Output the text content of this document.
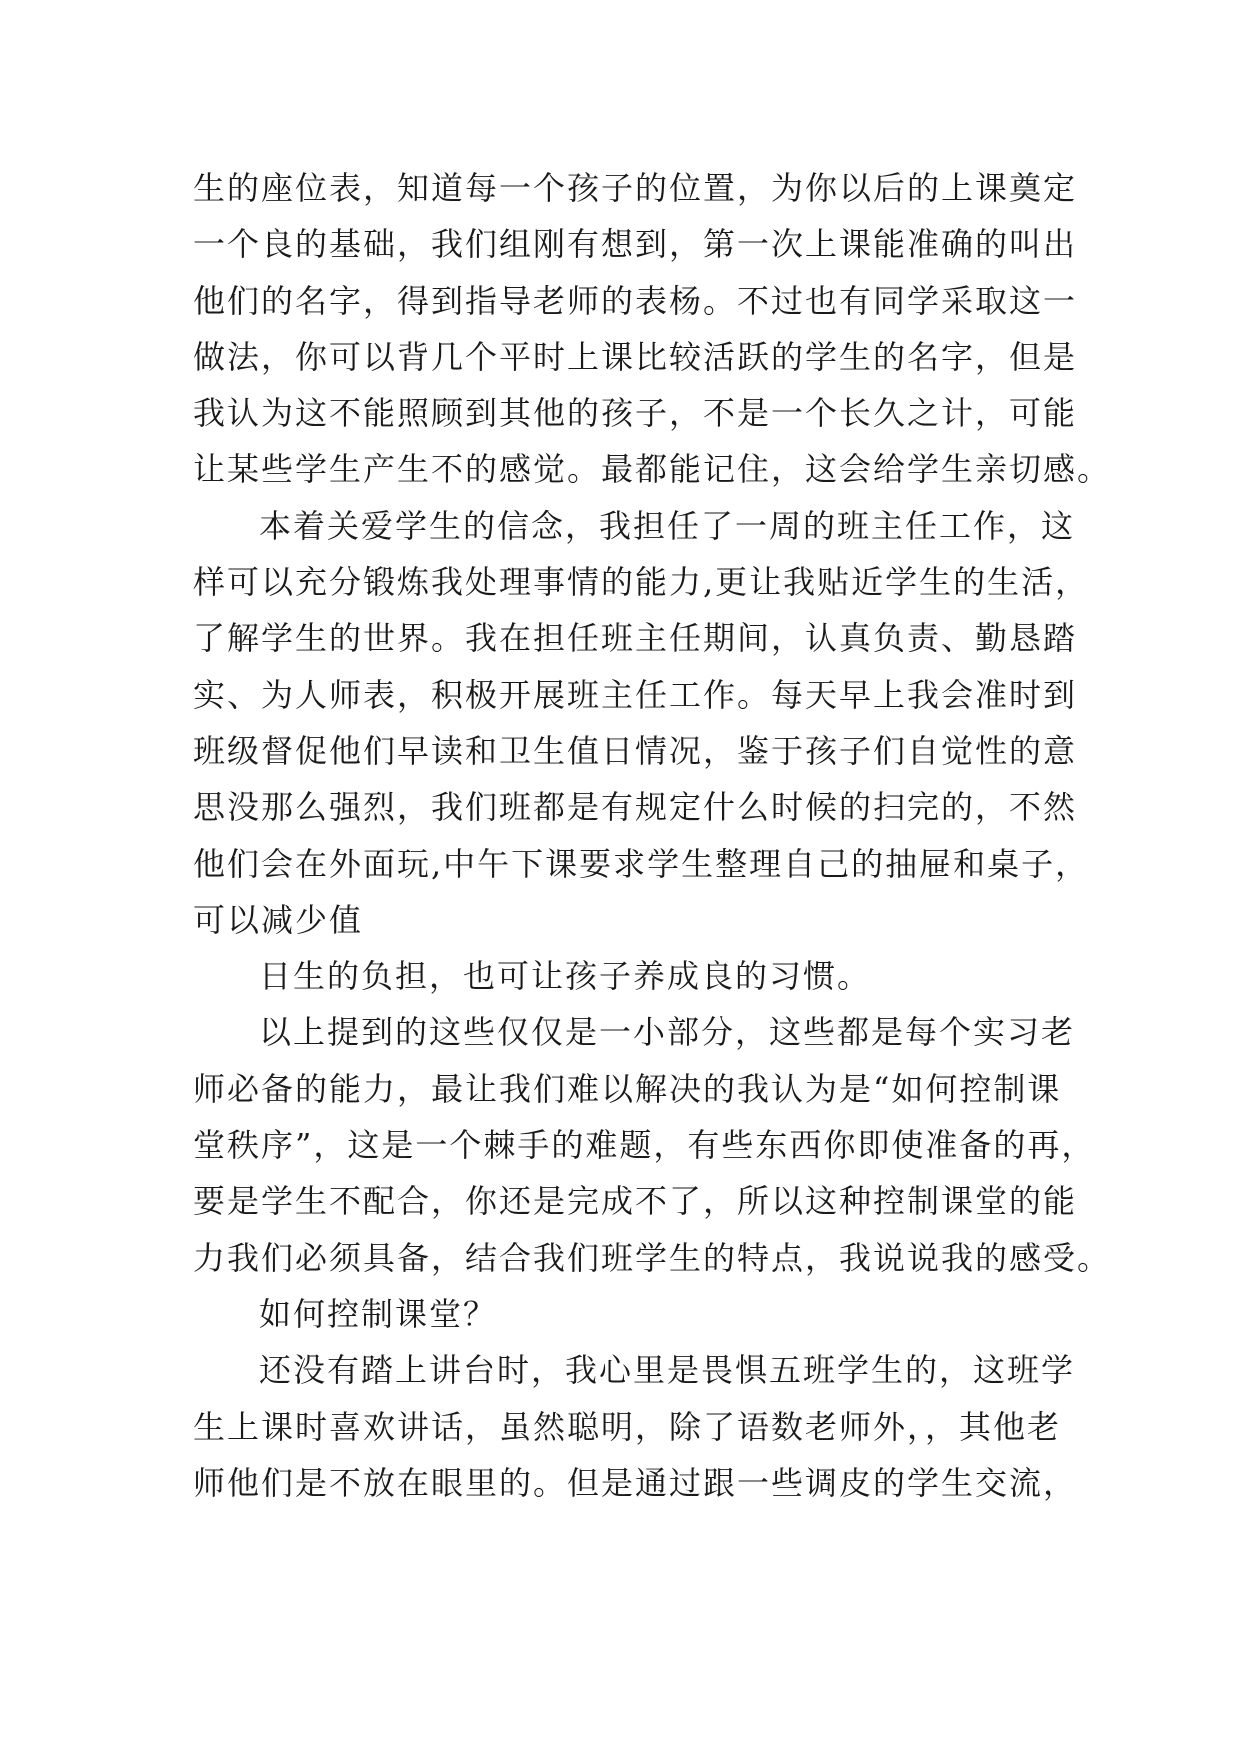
生的座位表，知道每一个孩子的位置，为你以后的上课奠定
一个良的基础，我们组刚有想到，第一次上课能准确的叫出
他们的名字，得到指导老师的表杨。不过也有同学采取这一
做法，你可以背几个平时上课比较活跃的学生的名字，但是
我认为这不能照顾到其他的孩子，不是一个长久之计，可能
让某些学生产生不的感觉。最都能记住，这会给学生亲切感。
本着关爱学生的信念，我担任了一周的班主任工作，这
样可以充分锻炼我处理事情的能力,更让我贴近学生的生活，
了解学生的世界。我在担任班主任期间，认真负责、勤恳踏
实、为人师表，积极开展班主任工作。每天早上我会准时到
班级督促他们早读和卫生值日情况，鉴于孩子们自觉性的意
思没那么强烈，我们班都是有规定什么时候的扫完的，不然
他们会在外面玩,中午下课要求学生整理自己的抽屉和桌子，
可以减少值
日生的负担，也可让孩子养成良的习惯。
以上提到的这些仅仅是一小部分，这些都是每个实习老
师必备的能力，最让我们难以解决的我认为是“如何控制课
堂秩序”，这是一个棘手的难题，有些东西你即使准备的再，
要是学生不配合，你还是完成不了，所以这种控制课堂的能
力我们必须具备，结合我们班学生的特点，我说说我的感受。
如何控制课堂？
还没有踏上讲台时，我心里是畏惧五班学生的，这班学
生上课时喜欢讲话，虽然聪明，除了语数老师外，，其他老
师他们是不放在眼里的。但是通过跟一些调皮的学生交流，
